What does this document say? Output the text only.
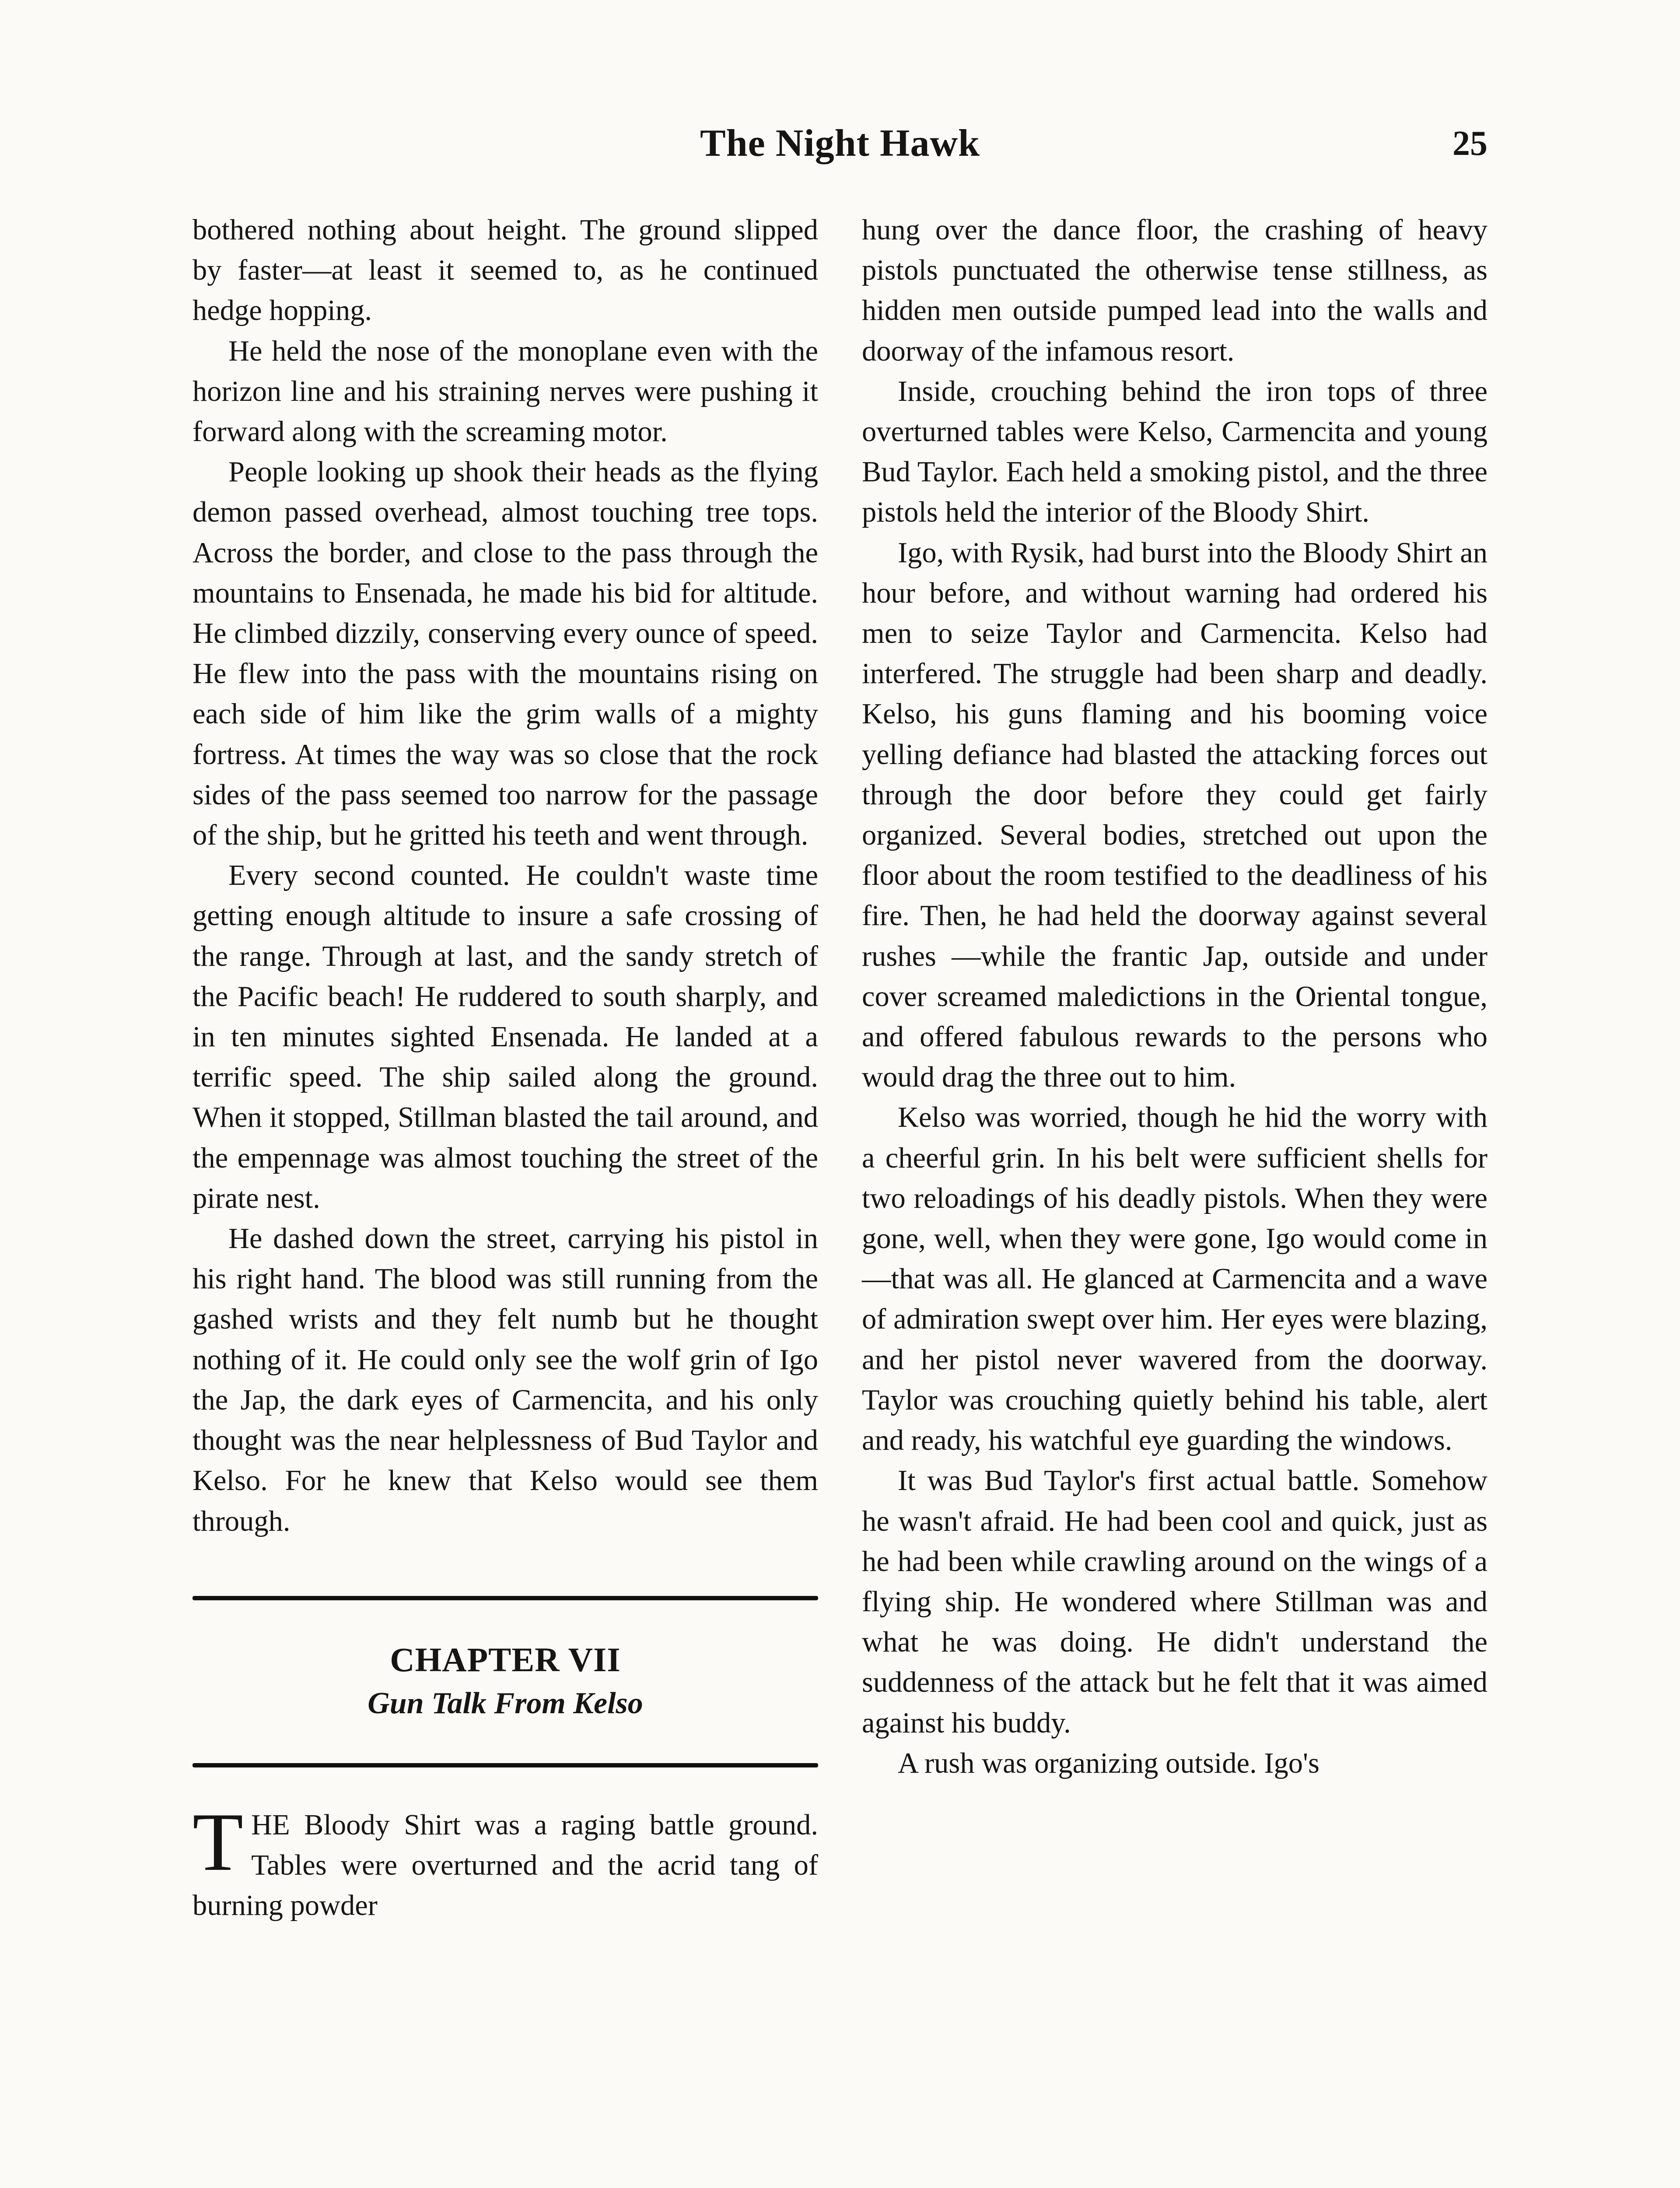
The Night Hawk	25

bothered nothing about height. The ground slipped by faster—at least it seemed to, as he continued hedge hopping.

He held the nose of the monoplane even with the horizon line and his straining nerves were pushing it forward along with the screaming motor.

People looking up shook their heads as the flying demon passed overhead, almost touching tree tops. Across the border, and close to the pass through the mountains to Ensenada, he made his bid for altitude. He climbed dizzily, conserving every ounce of speed. He flew into the pass with the mountains rising on each side of him like the grim walls of a mighty fortress. At times the way was so close that the rock sides of the pass seemed too narrow for the passage of the ship, but he gritted his teeth and went through.

Every second counted. He couldn't waste time getting enough altitude to insure a safe crossing of the range. Through at last, and the sandy stretch of the Pacific beach! He ruddered to south sharply, and in ten minutes sighted Ensenada. He landed at a terrific speed. The ship sailed along the ground. When it stopped, Stillman blasted the tail around, and the empennage was almost touching the street of the pirate nest.

He dashed down the street, carrying his pistol in his right hand. The blood was still running from the gashed wrists and they felt numb but he thought nothing of it. He could only see the wolf grin of Igo the Jap, the dark eyes of Carmencita, and his only thought was the near helplessness of Bud Taylor and Kelso. For he knew that Kelso would see them through.

CHAPTER VII
Gun Talk From Kelso

THE Bloody Shirt was a raging battle ground. Tables were overturned and the acrid tang of burning powder

hung over the dance floor, the crashing of heavy pistols punctuated the otherwise tense stillness, as hidden men outside pumped lead into the walls and doorway of the infamous resort.

Inside, crouching behind the iron tops of three overturned tables were Kelso, Carmencita and young Bud Taylor. Each held a smoking pistol, and the three pistols held the interior of the Bloody Shirt.

Igo, with Rysik, had burst into the Bloody Shirt an hour before, and without warning had ordered his men to seize Taylor and Carmencita. Kelso had interfered. The struggle had been sharp and deadly. Kelso, his guns flaming and his booming voice yelling defiance had blasted the attacking forces out through the door before they could get fairly organized. Several bodies, stretched out upon the floor about the room testified to the deadliness of his fire. Then, he had held the doorway against several rushes —while the frantic Jap, outside and under cover screamed maledictions in the Oriental tongue, and offered fabulous rewards to the persons who would drag the three out to him.

Kelso was worried, though he hid the worry with a cheerful grin. In his belt were sufficient shells for two reloadings of his deadly pistols. When they were gone, well, when they were gone, Igo would come in—that was all. He glanced at Carmencita and a wave of admiration swept over him. Her eyes were blazing, and her pistol never wavered from the doorway. Taylor was crouching quietly behind his table, alert and ready, his watchful eye guarding the windows.

It was Bud Taylor's first actual battle. Somehow he wasn't afraid. He had been cool and quick, just as he had been while crawling around on the wings of a flying ship. He wondered where Stillman was and what he was doing. He didn't understand the suddenness of the attack but he felt that it was aimed against his buddy.

A rush was organizing outside. Igo's
